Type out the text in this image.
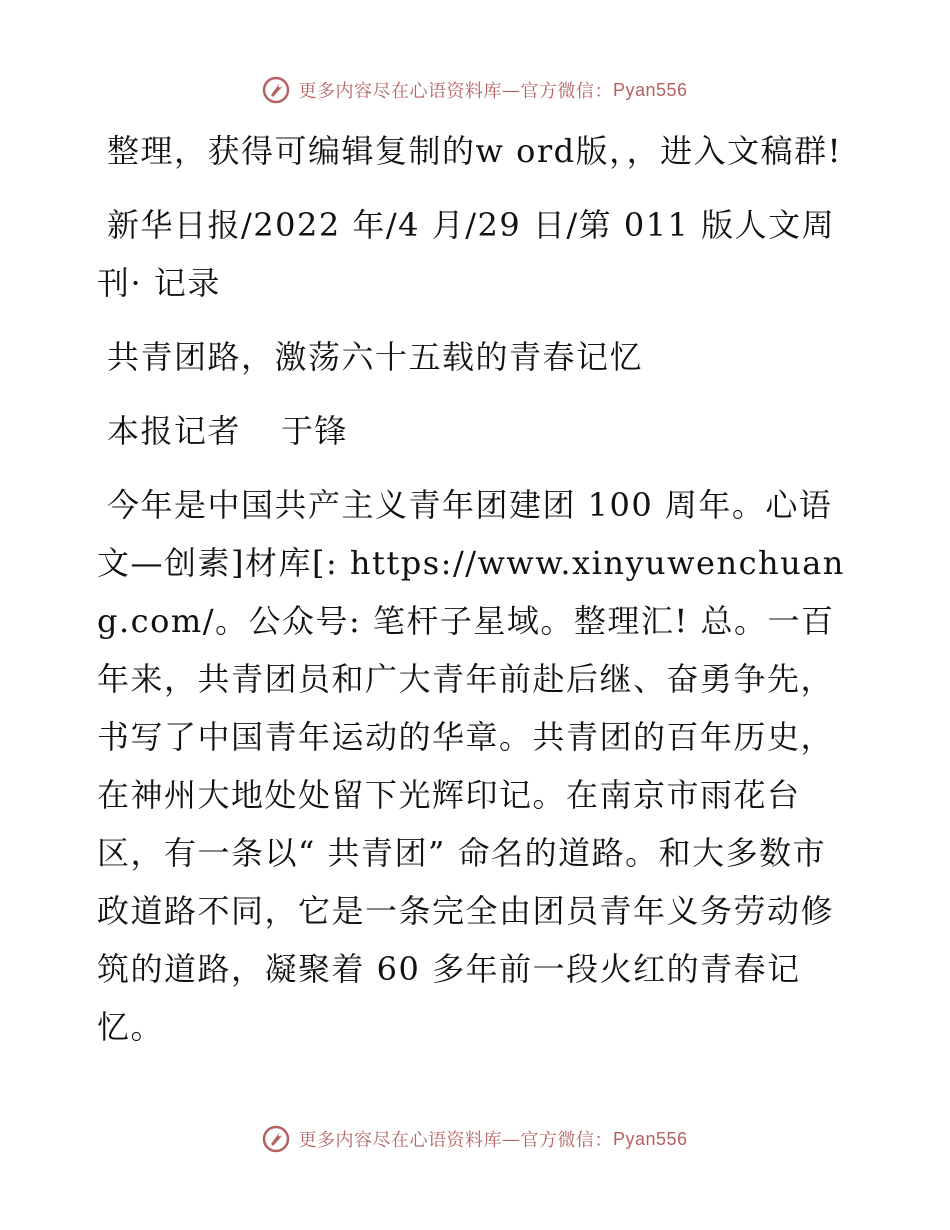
更多内容尽在心语资料库 — 官方微信： Pyan556

整理，获得可编辑复制的w ord版，，进入文稿群!

新华日报/2022 年/4 月/29 日/第 011 版人文周刊· 记录

共青团路，激荡六十五载的青春记忆

本报记者 于锋

今年是中国共产主义青年团建团 100 周年。心语文—创素]材库[: https://www.xinyuwenchuang.com/。公众号: 笔杆子星域。整理汇! 总。一百年来，共青团员和广大青年前赴后继、奋勇争先，书写了中国青年运动的华章。共青团的百年历史，在神州大地处处留下光辉印记。在南京市雨花台区，有一条以“ 共青团” 命名的道路。和大多数市政道路不同，它是一条完全由团员青年义务劳动修筑的道路，凝聚着 60 多年前一段火红的青春记忆。

更多内容尽在心语资料库 — 官方微信： Pyan556
